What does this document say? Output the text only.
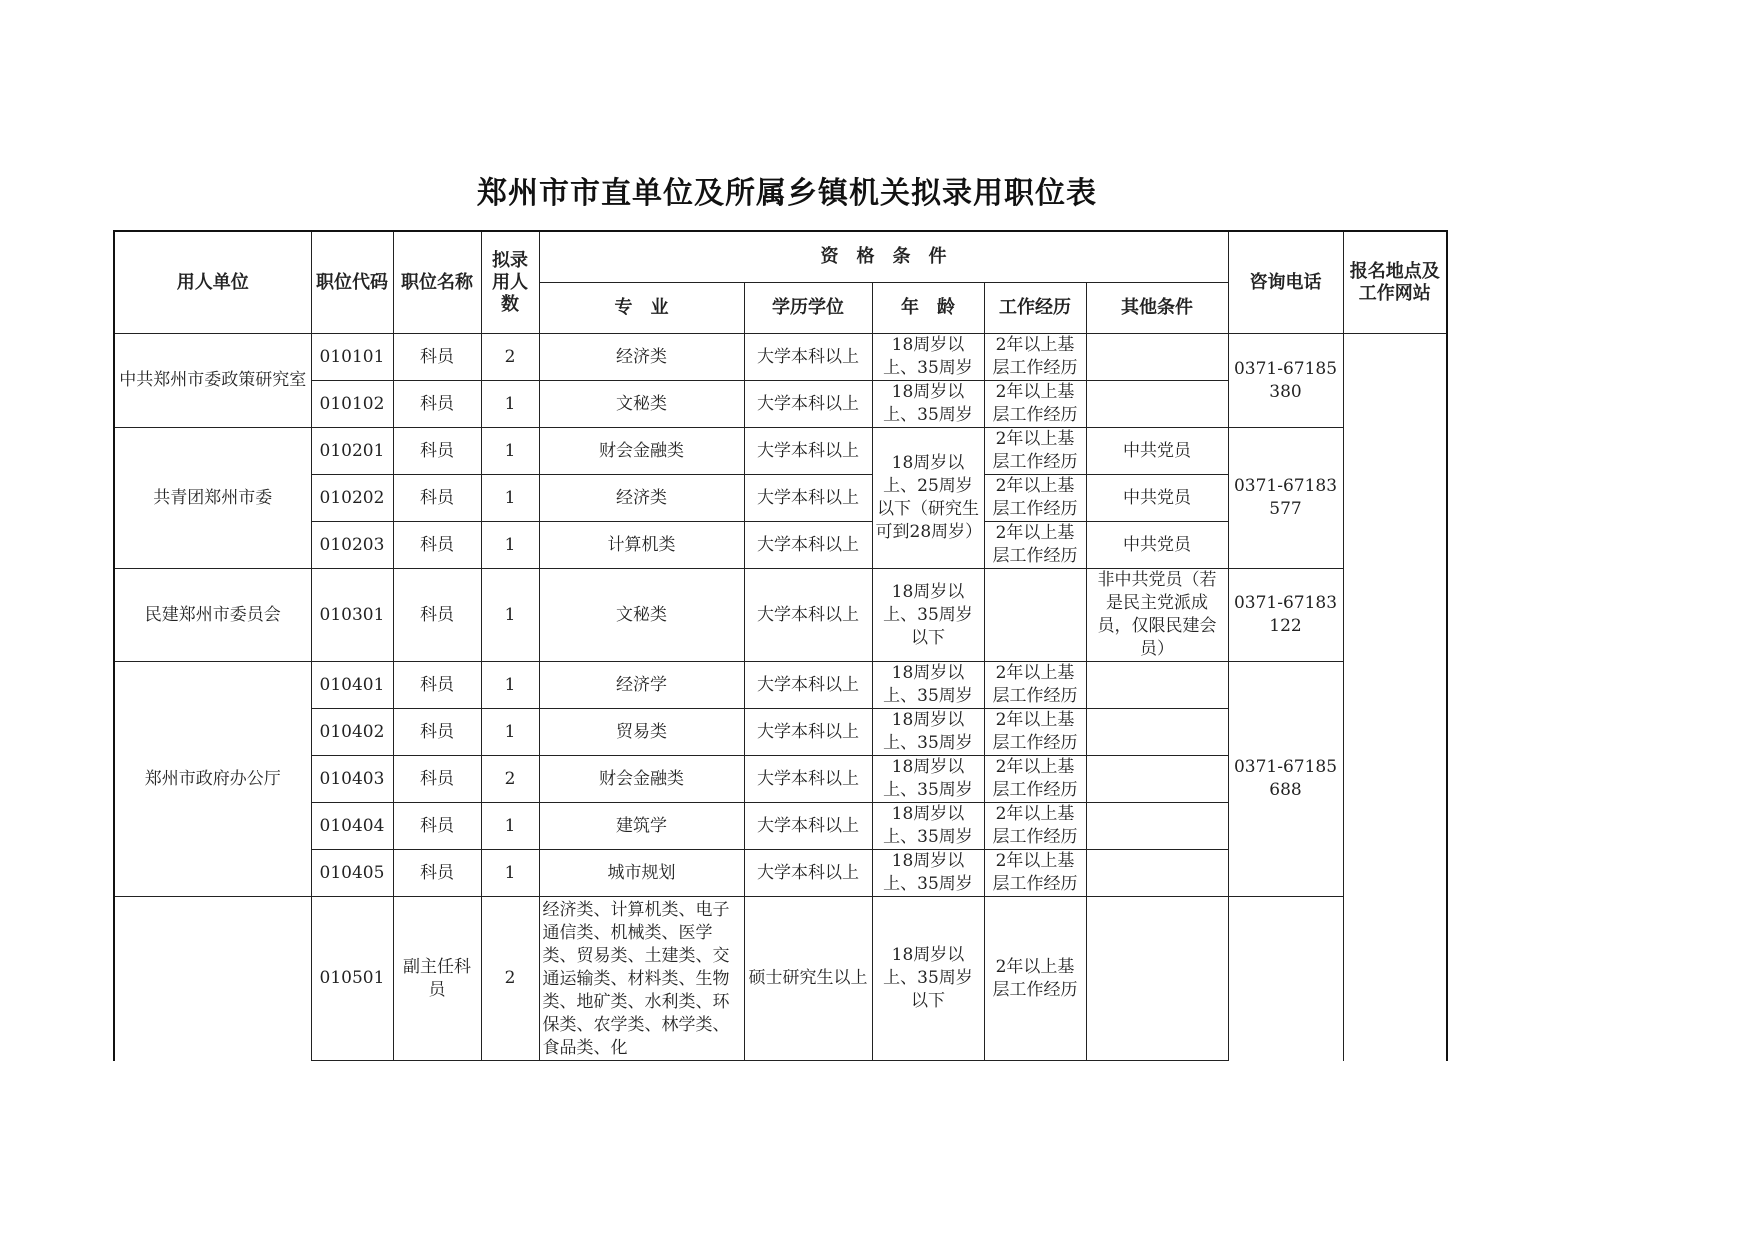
郑州市市直单位及所属乡镇机关拟录用职位表
用人单位	职位代码	职位名称	拟录用人数	资　格　条　件					咨询电话	报名地点及工作网站
				专　业	学历学位	年　龄	工作经历	其他条件		
中共郑州市委政策研究室	010101	科员	2	经济类	大学本科以上	18周岁以上、35周岁	2年以上基层工作经历		0371-67185380	
	010102	科员	1	文秘类	大学本科以上	18周岁以上、35周岁	2年以上基层工作经历			

共青团郑州市委	010201	科员	1	财会金融类	大学本科以上	18周岁以上、25周岁以下（研究生可到28周岁）	2年以上基层工作经历	中共党员	0371-67183577	
	010202	科员	1	经济类	大学本科以上		2年以上基层工作经历	中共党员		
	010203	科员	1	计算机类	大学本科以上		2年以上基层工作经历	中共党员		
民建郑州市委员会	010301	科员	1	文秘类	大学本科以上	18周岁以上、35周岁以下		非中共党员（若是民主党派成员，仅限民建会员）	0371-67183122	
郑州市政府办公厅	010401	科员	1	经济学	大学本科以上	18周岁以上、35周岁	2年以上基层工作经历		0371-67185688	
	010402	科员	1	贸易类	大学本科以上	18周岁以上、35周岁	2年以上基层工作经历			

	010403	科员	2	财会金融类	大学本科以上	18周岁以上、35周岁	2年以上基层工作经历			

	010404	科员	1	建筑学	大学本科以上	18周岁以上、35周岁	2年以上基层工作经历			

	010405	科员	1	城市规划	大学本科以上	18周岁以上、35周岁	2年以上基层工作经历			

	010501	副主任科员	2	经济类、计算机类、电子通信类、机械类、医学类、贸易类、土建类、交通运输类、材料类、生物类、地矿类、水利类、环保类、农学类、林学类、食品类、化	硕士研究生以上	18周岁以上、35周岁以下	2年以上基层工作经历			
